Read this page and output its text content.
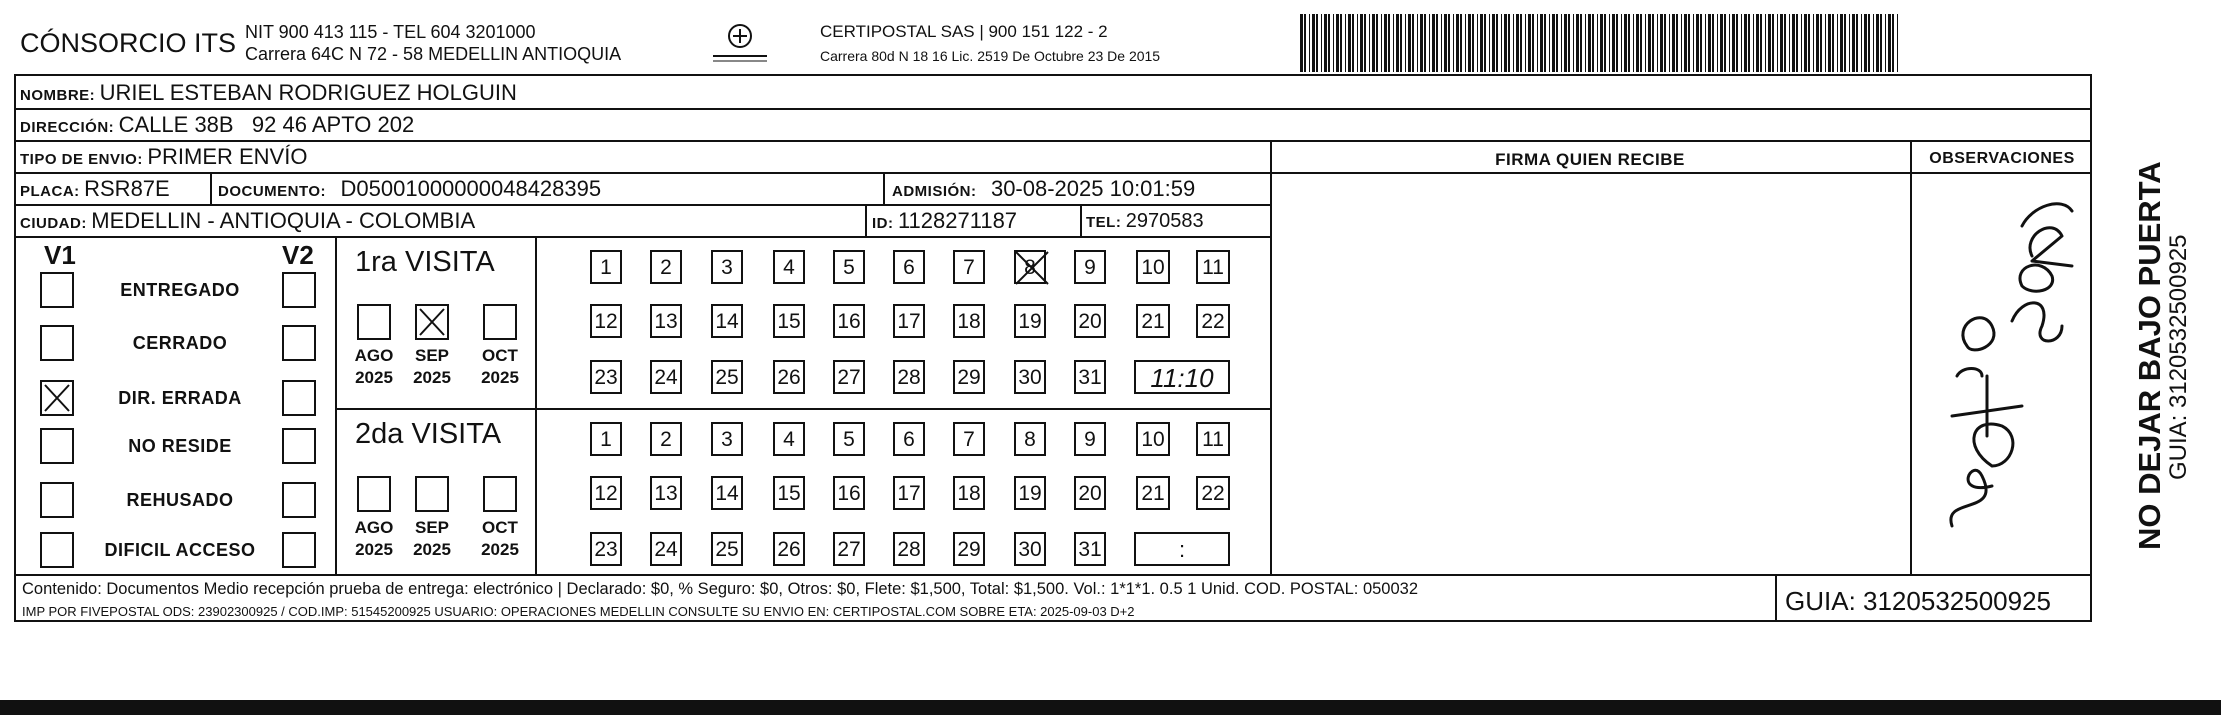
CÓNSORCIO ITS NIT 900 413 115 - TEL 604 3201000
Carrera 64C N 72 - 58 MEDELLIN ANTIOQUIA
CERTIPOSTAL SAS | 900 151 122 - 2
Carrera 80d N 18 16 Lic. 2519 De Octubre 23 De 2015
NOMBRE: URIEL ESTEBAN RODRIGUEZ HOLGUIN
DIRECCIÓN: CALLE 38B   92 46 APTO 202
TIPO DE ENVIO: PRIMER ENVÍO	FIRMA QUIEN RECIBE	OBSERVACIONES
PLACA: RSR87E	DOCUMENTO: D05001000000048428395	ADMISIÓN: 30-08-2025 10:01:59
CIUDAD: MEDELLIN - ANTIOQUIA - COLOMBIA	ID: 1128271187	TEL: 2970583
V1	V2
ENTREGADO
CERRADO
DIR. ERRADA
NO RESIDE
REHUSADO
DIFICIL ACCESO
1ra VISITA
AGO
2025
SEP
2025
OCT
2025
1	2	3	4	5	6	7	8	9	10 11
12 13 14 15 16 17 18 19 20 21 22
23 24 25 26 27 28 29 30 31	11:10
2da VISITA
AGO
2025
SEP
2025
OCT
2025
1	2	3	4	5	6	7	8	9	10 11
12 13 14 15 16 17 18 19 20 21 22
23 24 25 26 27 28 29 30 31	:
Contenido: Documentos Medio recepción prueba de entrega: electrónico | Declarado: $0, % Seguro: $0, Otros: $0, Flete: $1,500, Total: $1,500. Vol.: 1*1*1. 0.5 1 Unid. COD. POSTAL: 050032
IMP POR FIVEPOSTAL ODS: 23902300925 / COD.IMP: 51545200925 USUARIO: OPERACIONES MEDELLIN CONSULTE SU ENVIO EN: CERTIPOSTAL.COM SOBRE ETA: 2025-09-03 D+2	GUIA: 3120532500925
NO DEJAR BAJO PUERTA
GUIA: 3120532500925
